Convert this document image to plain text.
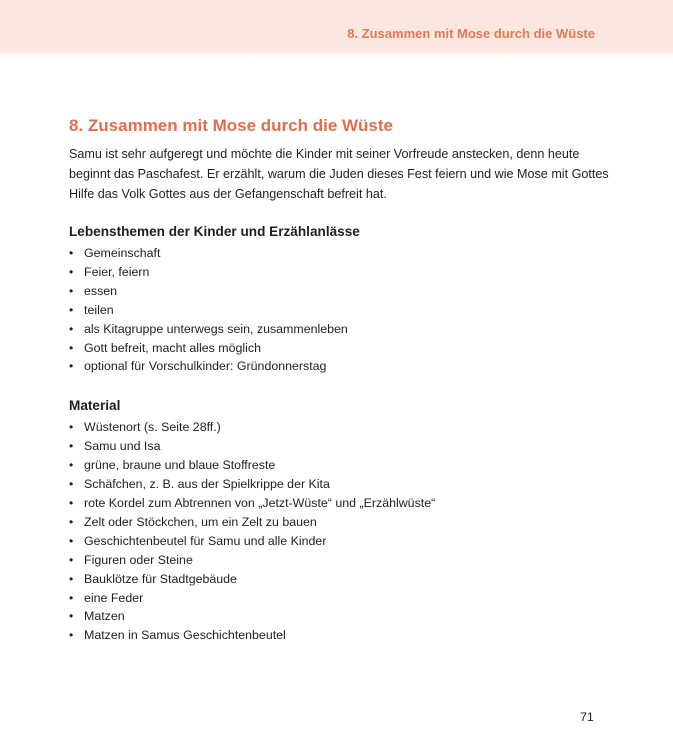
8. Zusammen mit Mose durch die Wüste
8. Zusammen mit Mose durch die Wüste

Samu ist sehr aufgeregt und möchte die Kinder mit seiner Vorfreude anstecken, denn heute beginnt das Paschafest. Er erzählt, warum die Juden dieses Fest feiern und wie Mose mit Gottes Hilfe das Volk Gottes aus der Gefangenschaft befreit hat.

Lebensthemen der Kinder und Erzählanlässe
• Gemeinschaft
• Feier, feiern
• essen
• teilen
• als Kitagruppe unterwegs sein, zusammenleben
• Gott befreit, macht alles möglich
• optional für Vorschulkinder: Gründonnerstag
Material
• Wüstenort (s. Seite 28ff.)
• Samu und Isa
• grüne, braune und blaue Stoffreste
• Schäfchen, z. B. aus der Spielkrippe der Kita
• rote Kordel zum Abtrennen von „Jetzt-Wüste“ und „Erzählwüste“
• Zelt oder Stöckchen, um ein Zelt zu bauen
• Geschichtenbeutel für Samu und alle Kinder
• Figuren oder Steine
• Bauklötze für Stadtgebäude
• eine Feder
• Matzen
• Matzen in Samus Geschichtenbeutel
71
